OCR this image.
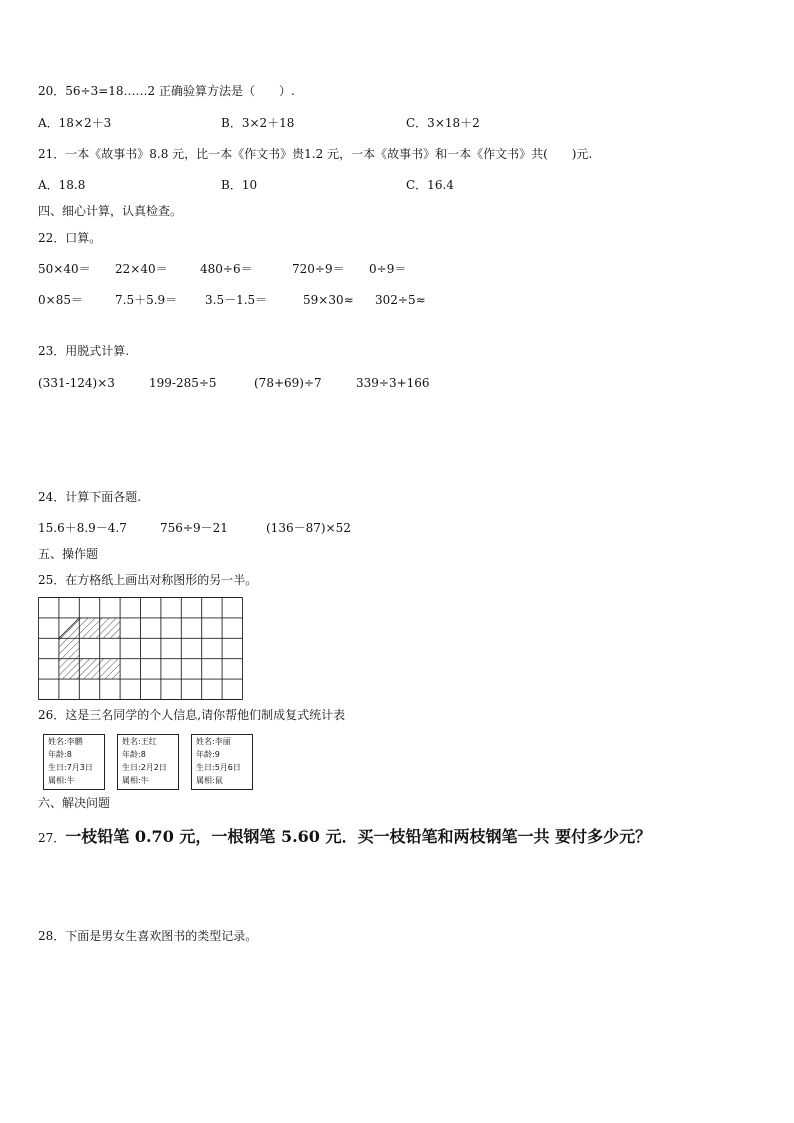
20．56÷3=18……2 正确验算方法是（　　）.
A．18×2＋3	B．3×2＋18	C．3×18＋2
21．一本《故事书》8.8 元，比一本《作文书》贵1.2 元，一本《故事书》和一本《作文书》共(　　)元.
A．18.8	B．10	C．16.4
四、细心计算，认真检查。
22．口算。
50×40＝ 22×40＝	480÷6＝	720÷9＝ 0÷9＝
0×85＝	7.5＋5.9＝ 3.5－1.5＝	59×30≈ 302÷5≈
23．用脱式计算.
(331-124)×3	199-285÷5	(78+69)÷7	339÷3+166
24．计算下面各题.
15.6＋8.9－4.7	756÷9－21	(136－87)×52
五、操作题
25．在方格纸上画出对称图形的另一半。
26．这是三名同学的个人信息,请你帮他们制成复式统计表
姓名:李鹏
年龄:8
生日:7月3日
属相:牛
姓名:王红
年龄:8
生日:2月2日
属相:牛
姓名:李丽
年龄:9
生日:5月6日
属相:鼠
六、解决问题
27．一枝铅笔 0.70 元，一根钢笔 5.60 元．买一枝铅笔和两枝钢笔一共 要付多少元？
28．下面是男女生喜欢图书的类型记录。
